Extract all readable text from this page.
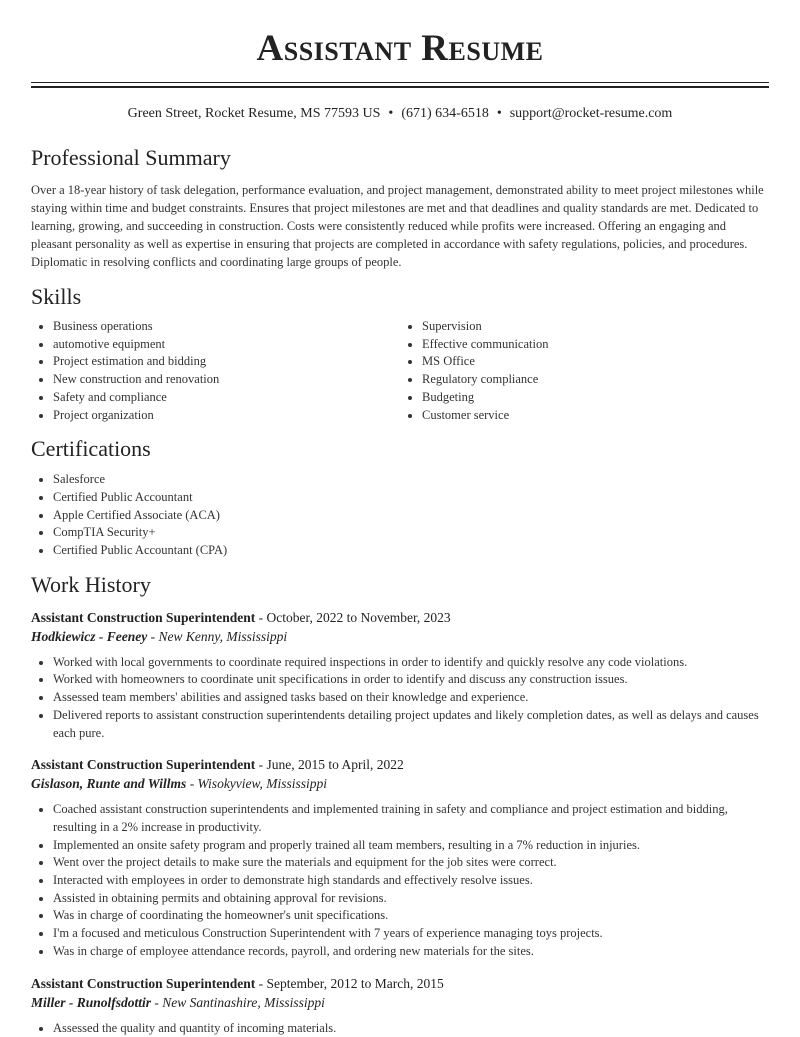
Assistant Resume
Green Street, Rocket Resume, MS 77593 US • (671) 634-6518 • support@rocket-resume.com
Professional Summary
Over a 18-year history of task delegation, performance evaluation, and project management, demonstrated ability to meet project milestones while staying within time and budget constraints. Ensures that project milestones are met and that deadlines and quality standards are met. Dedicated to learning, growing, and succeeding in construction. Costs were consistently reduced while profits were increased. Offering an engaging and pleasant personality as well as expertise in ensuring that projects are completed in accordance with safety regulations, policies, and procedures. Diplomatic in resolving conflicts and coordinating large groups of people.
Skills
• Business operations
• automotive equipment
• Project estimation and bidding
• New construction and renovation
• Safety and compliance
• Project organization
• Supervision
• Effective communication
• MS Office
• Regulatory compliance
• Budgeting
• Customer service
Certifications
• Salesforce
• Certified Public Accountant
• Apple Certified Associate (ACA)
• CompTIA Security+
• Certified Public Accountant (CPA)
Work History
Assistant Construction Superintendent - October, 2022 to November, 2023
Hodkiewicz - Feeney - New Kenny, Mississippi
• Worked with local governments to coordinate required inspections in order to identify and quickly resolve any code violations.
• Worked with homeowners to coordinate unit specifications in order to identify and discuss any construction issues.
• Assessed team members' abilities and assigned tasks based on their knowledge and experience.
• Delivered reports to assistant construction superintendents detailing project updates and likely completion dates, as well as delays and causes each pure.
Assistant Construction Superintendent - June, 2015 to April, 2022
Gislason, Runte and Willms - Wisokyview, Mississippi
• Coached assistant construction superintendents and implemented training in safety and compliance and project estimation and bidding, resulting in a 2% increase in productivity.
• Implemented an onsite safety program and properly trained all team members, resulting in a 7% reduction in injuries.
• Went over the project details to make sure the materials and equipment for the job sites were correct.
• Interacted with employees in order to demonstrate high standards and effectively resolve issues.
• Assisted in obtaining permits and obtaining approval for revisions.
• Was in charge of coordinating the homeowner's unit specifications.
• I'm a focused and meticulous Construction Superintendent with 7 years of experience managing toys projects.
• Was in charge of employee attendance records, payroll, and ordering new materials for the sites.
Assistant Construction Superintendent - September, 2012 to March, 2015
Miller - Runolfsdottir - New Santinashire, Mississippi
• Assessed the quality and quantity of incoming materials.
